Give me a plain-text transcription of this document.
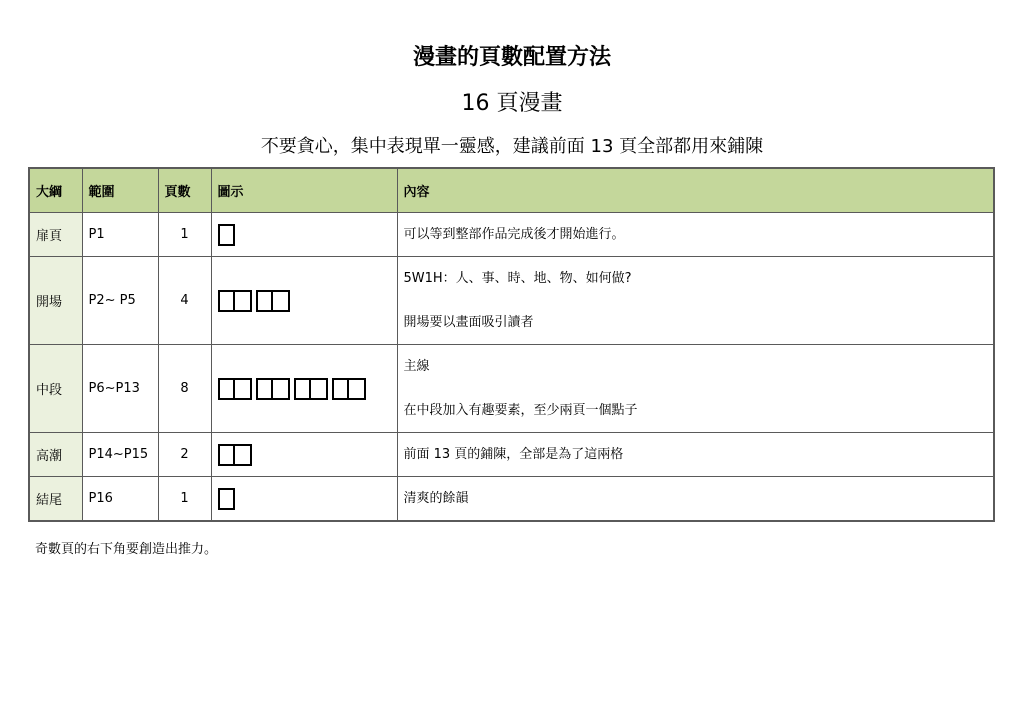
漫畫的頁數配置方法
16 頁漫畫
不要貪心，集中表現單一靈感，建議前面 13 頁全部都用來鋪陳
大綱	範圍	頁數	圖示	內容
扉頁	P1	1		可以等到整部作品完成後才開始進行。

開場	P2~ P5	4		5W1H：人、事、時、地、物、如何做?
開場要以畫面吸引讀者

中段	P6~P13	8		主線
在中段加入有趣要素，至少兩頁一個點子

高潮	P14~P15	2		前面 13 頁的鋪陳，全部是為了這兩格

結尾	P16	1		清爽的餘韻
奇數頁的右下角要創造出推力。
